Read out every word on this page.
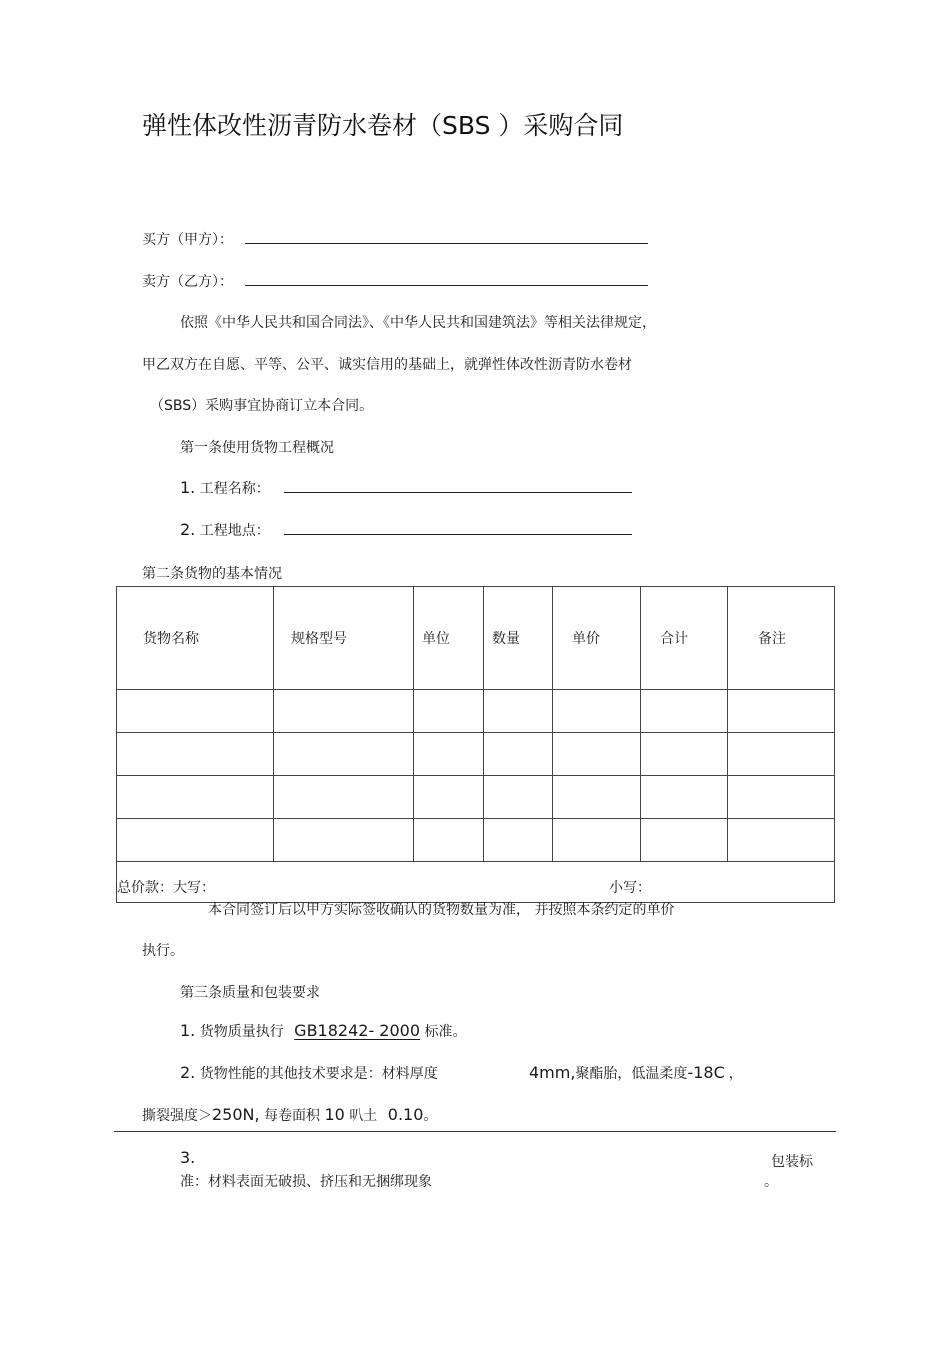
弹性体改性沥青防水卷材（SBS ）采购合同
买方（甲方）：
卖方（乙方）：
依照《中华人民共和国合同法》、《中华人民共和国建筑法》等相关法律规定，
甲乙双方在自愿、平等、公平、诚实信用的基础上，就弹性体改性沥青防水卷材
（SBS）采购事宜协商订立本合同。
第一条使用货物工程概况
1. 工程名称：
2. 工程地点：
第二条货物的基本情况
货物名称	规格型号	单位	数量	单价	合计	备注

总价款：大写： 小写：						
本合同签订后以甲方实际签收确认的货物数量为准， 并按照本条约定的单价
执行。
第三条质量和包装要求
1. 货物质量执行 GB18242- 2000 标准。
2. 货物性能的其他技术要求是：材料厚度	4mm,聚酯胎，低温柔度-18C ，
撕裂强度＞250N, 每卷面积 10 叭土 0.10。
3.	包装标
准：材料表面无破损、挤压和无捆绑现象	。
